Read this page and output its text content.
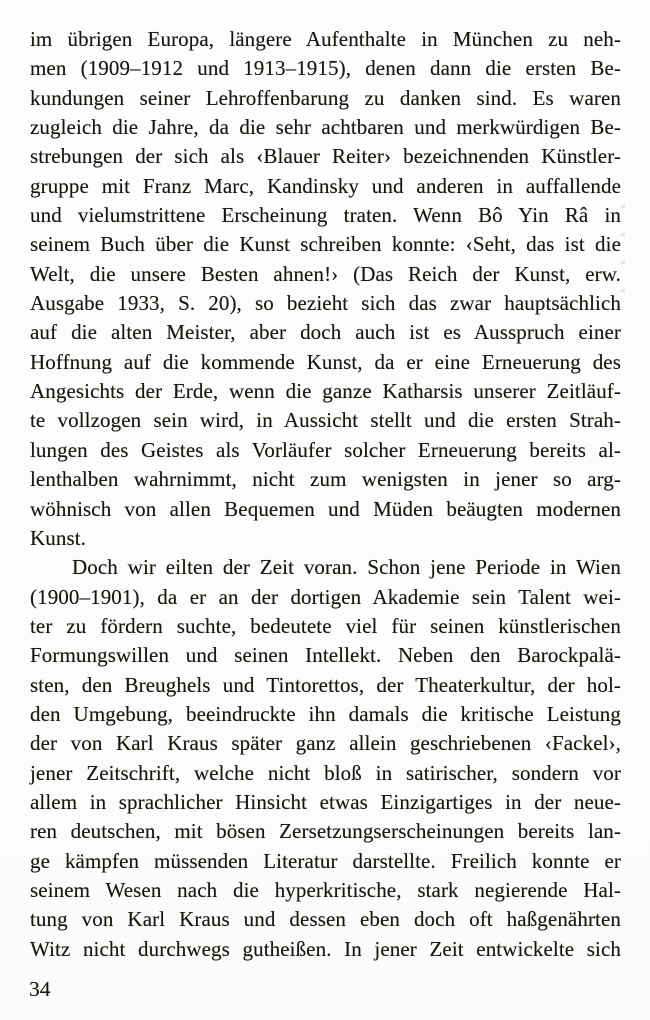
im übrigen Europa, längere Aufenthalte in München zu neh-
men (1909–1912 und 1913–1915), denen dann die ersten Be-
kundungen seiner Lehroffenbarung zu danken sind. Es waren
zugleich die Jahre, da die sehr achtbaren und merkwürdigen Be-
strebungen der sich als ‹Blauer Reiter› bezeichnenden Künstler-
gruppe mit Franz Marc, Kandinsky und anderen in auffallende
und vielumstrittene Erscheinung traten. Wenn Bô Yin Râ in
seinem Buch über die Kunst schreiben konnte: ‹Seht, das ist die
Welt, die unsere Besten ahnen!› (Das Reich der Kunst, erw.
Ausgabe 1933, S. 20), so bezieht sich das zwar hauptsächlich
auf die alten Meister, aber doch auch ist es Ausspruch einer
Hoffnung auf die kommende Kunst, da er eine Erneuerung des
Angesichts der Erde, wenn die ganze Katharsis unserer Zeitläuf-
te vollzogen sein wird, in Aussicht stellt und die ersten Strah-
lungen des Geistes als Vorläufer solcher Erneuerung bereits al-
lenthalben wahrnimmt, nicht zum wenigsten in jener so arg-
wöhnisch von allen Bequemen und Müden beäugten modernen
Kunst.
Doch wir eilten der Zeit voran. Schon jene Periode in Wien
(1900–1901), da er an der dortigen Akademie sein Talent wei-
ter zu fördern suchte, bedeutete viel für seinen künstlerischen
Formungswillen und seinen Intellekt. Neben den Barockpalä-
sten, den Breughels und Tintorettos, der Theaterkultur, der hol-
den Umgebung, beeindruckte ihn damals die kritische Leistung
der von Karl Kraus später ganz allein geschriebenen ‹Fackel›,
jener Zeitschrift, welche nicht bloß in satirischer, sondern vor
allem in sprachlicher Hinsicht etwas Einzigartiges in der neue-
ren deutschen, mit bösen Zersetzungserscheinungen bereits lan-
ge kämpfen müssenden Literatur darstellte. Freilich konnte er
seinem Wesen nach die hyperkritische, stark negierende Hal-
tung von Karl Kraus und dessen eben doch oft haßgenährten
Witz nicht durchwegs gutheißen. In jener Zeit entwickelte sich
34
